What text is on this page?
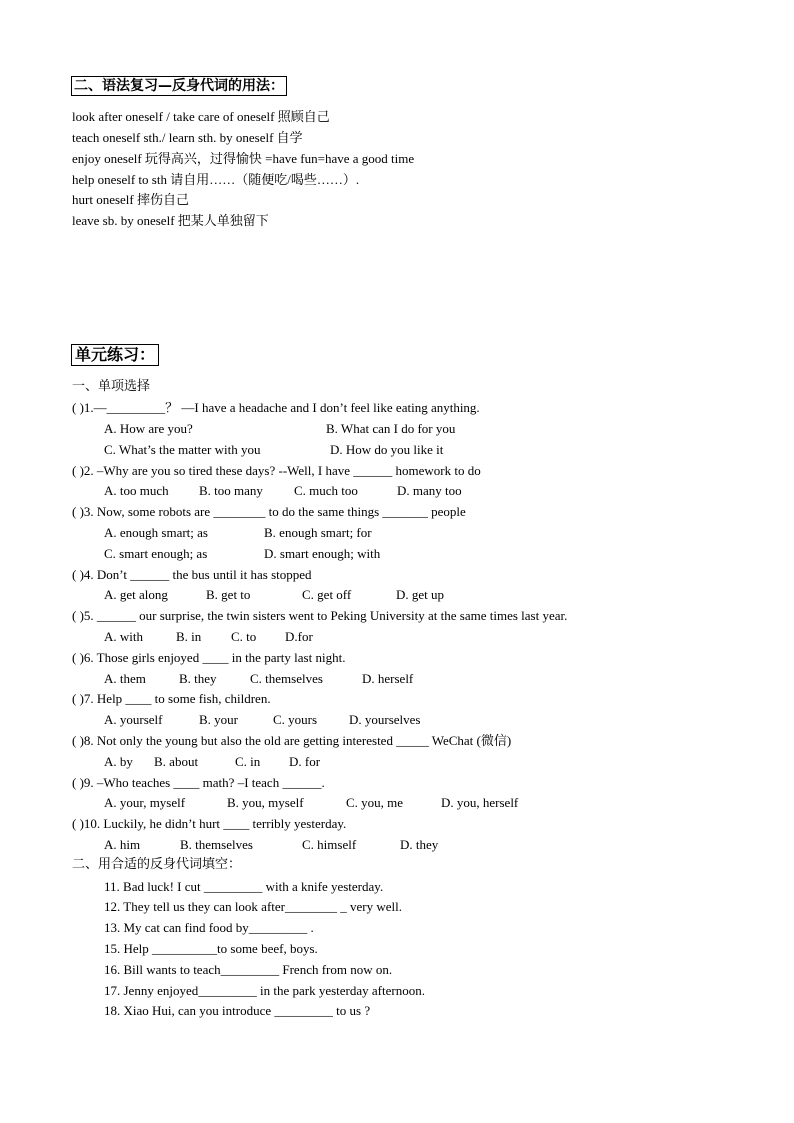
二、语法复习—反身代词的用法：
look after oneself / take care of oneself 照顾自己
teach oneself sth./ learn sth. by oneself 自学
enjoy oneself 玩得高兴，过得愉快 =have fun=have a good time
help oneself to sth 请自用……（随便吃/喝些……）.
hurt oneself 摔伤自己
leave sb. by oneself 把某人单独留下
单元练习：
一、单项选择
( )1.—_________？ —I have a headache and I don’t feel like eating anything.
A. How are you?	B. What can I do for you
C. What’s the matter with you	D. How do you like it
( )2. –Why are you so tired these days? --Well, I have ______ homework to do
A. too much B. too many C. much too	D. many too
( )3. Now, some robots are ________ to do the same things _______ people
A. enough smart; as	B. enough smart; for
C. smart enough; as	D. smart enough; with
( )4. Don’t ______ the bus until it has stopped
A. get along	B. get to	C. get off	D. get up
( )5. ______ our surprise, the twin sisters went to Peking University at the same times last year.
A. with	B. in C. to D.for
( )6. Those girls enjoyed ____ in the party last night.
A. them	B. they	C. themselves	D. herself
( )7. Help ____ to some fish, children.
A. yourself	B. your	C. yours D. yourselves
( )8. Not only the young but also the old are getting interested _____ WeChat (微信)
A. by B. about	C. in D. for
( )9. –Who teaches ____ math? –I teach ______.
A. your, myself	B. you, myself	C. you, me	D. you, herself
( )10. Luckily, he didn’t hurt ____ terribly yesterday.
A. him	B. themselves	C. himself	D. they
二、用合适的反身代词填空：
11. Bad luck! I cut _________ with a knife yesterday.
12. They tell us they can look after________ _ very well.
13. My cat can find food by_________ .
15. Help __________to some beef, boys.
16. Bill wants to teach_________ French from now on.
17. Jenny enjoyed_________ in the park yesterday afternoon.
18. Xiao Hui, can you introduce _________ to us ?
